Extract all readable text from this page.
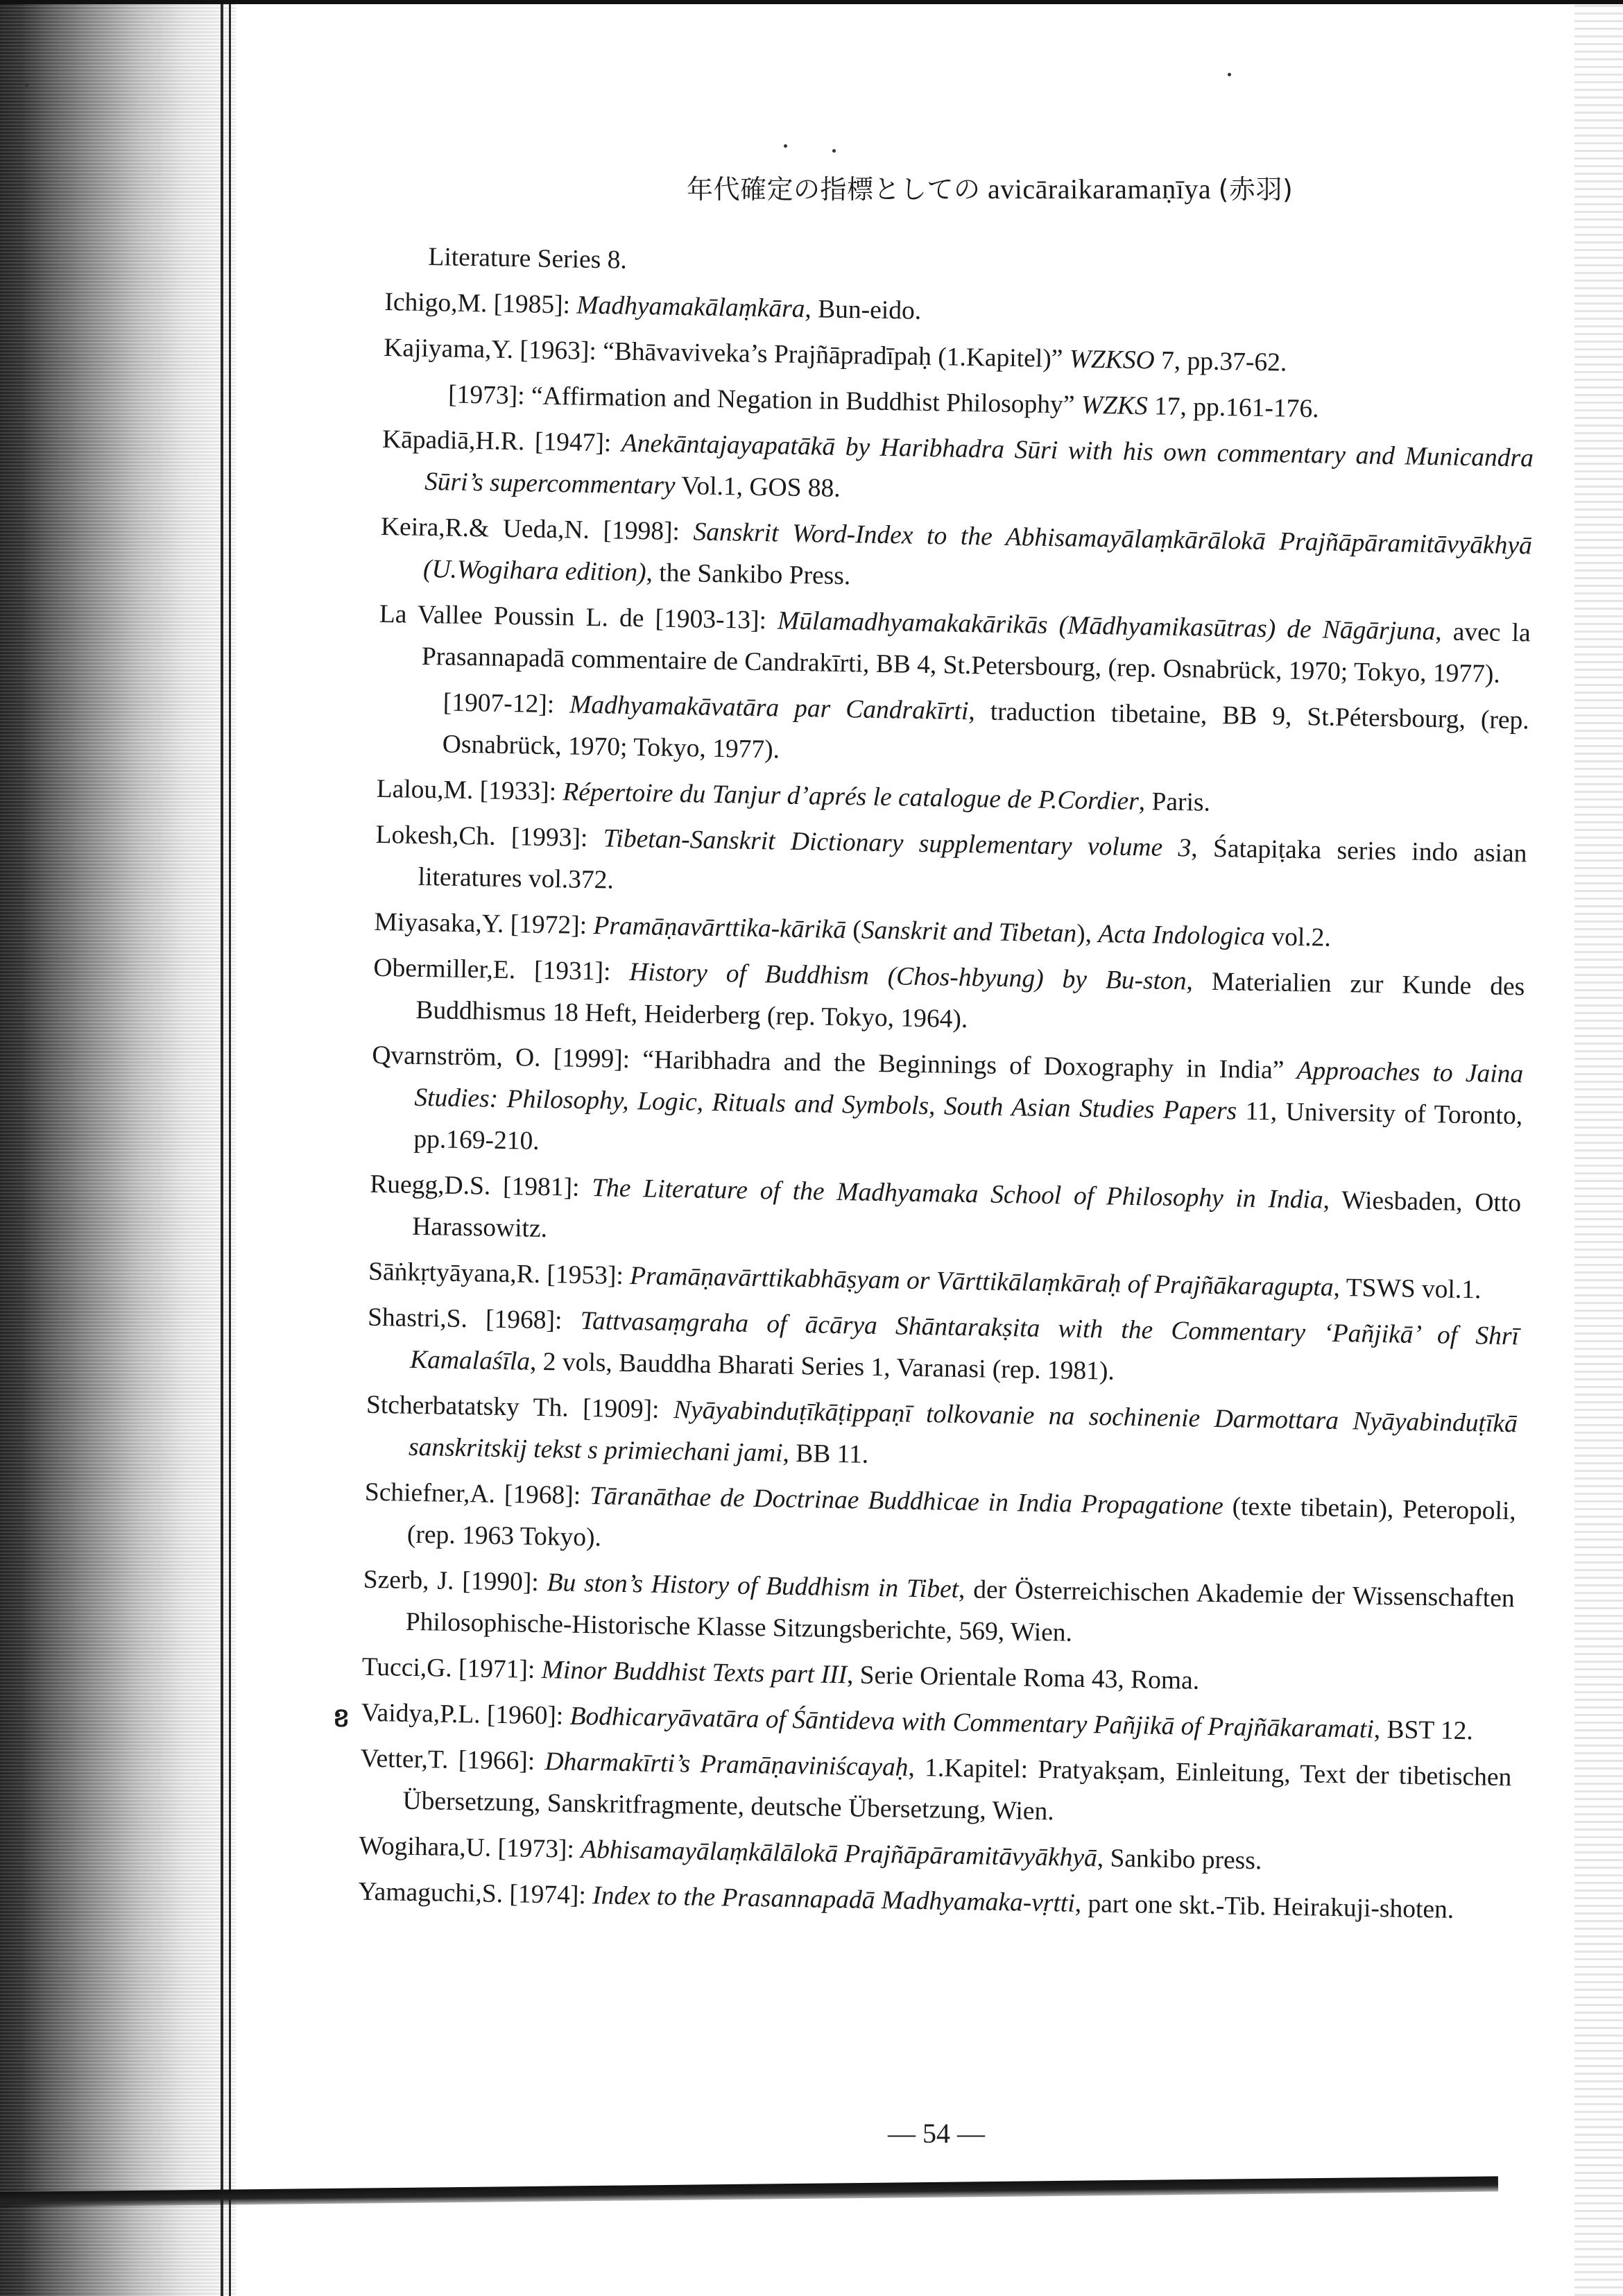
年代確定の指標としての avicāraikaramaṇīya (赤羽)

Literature Series 8.

Ichigo,M. [1985]: Madhyamakālaṃkāra, Bun-eido.

Kajiyama,Y. [1963]: “Bhāvaviveka’s Prajñāpradīpaḥ (1.Kapitel)” WZKSO 7, pp.37-62.

[1973]: “Affirmation and Negation in Buddhist Philosophy” WZKS 17, pp.161-176.

Kāpadiā,H.R. [1947]: Anekāntajayapatākā by Haribhadra Sūri with his own commentary and Municandra Sūri’s supercommentary Vol.1, GOS 88.

Keira,R.& Ueda,N. [1998]: Sanskrit Word-Index to the Abhisamayālaṃkārālokā Prajñāpāramitāvyākhyā (U.Wogihara edition), the Sankibo Press.

La Vallee Poussin L. de [1903-13]: Mūlamadhyamakakārikās (Mādhyamikasūtras) de Nāgārjuna, avec la Prasannapadā commentaire de Candrakīrti, BB 4, St.Petersbourg, (rep. Osnabrück, 1970; Tokyo, 1977).

[1907-12]: Madhyamakāvatāra par Candrakīrti, traduction tibetaine, BB 9, St.Pétersbourg, (rep. Osnabrück, 1970; Tokyo, 1977).

Lalou,M. [1933]: Répertoire du Tanjur d’aprés le catalogue de P.Cordier, Paris.

Lokesh,Ch. [1993]: Tibetan-Sanskrit Dictionary supplementary volume 3, Śatapiṭaka series indo asian literatures vol.372.

Miyasaka,Y. [1972]: Pramāṇavārttika-kārikā (Sanskrit and Tibetan), Acta Indologica vol.2.

Obermiller,E. [1931]: History of Buddhism (Chos-hbyung) by Bu-ston, Materialien zur Kunde des Buddhismus 18 Heft, Heiderberg (rep. Tokyo, 1964).

Qvarnström, O. [1999]: “Haribhadra and the Beginnings of Doxography in India” Approaches to Jaina Studies: Philosophy, Logic, Rituals and Symbols, South Asian Studies Papers 11, University of Toronto, pp.169-210.

Ruegg,D.S. [1981]: The Literature of the Madhyamaka School of Philosophy in India, Wiesbaden, Otto Harassowitz.

Sāṅkṛtyāyana,R. [1953]: Pramāṇavārttikabhāṣyam or Vārttikālaṃkāraḥ of Prajñākaragupta, TSWS vol.1.

Shastri,S. [1968]: Tattvasaṃgraha of ācārya Shāntarakṣita with the Commentary ‘Pañjikā’ of Shrī Kamalaśīla, 2 vols, Bauddha Bharati Series 1, Varanasi (rep. 1981).

Stcherbatatsky Th. [1909]: Nyāyabinduṭīkāṭippaṇī tolkovanie na sochinenie Darmottara Nyāyabinduṭīkā sanskritskij tekst s primiechani jami, BB 11.

Schiefner,A. [1968]: Tāranāthae de Doctrinae Buddhicae in India Propagatione (texte tibetain), Peteropoli, (rep. 1963 Tokyo).

Szerb, J. [1990]: Bu ston’s History of Buddhism in Tibet, der Österreichischen Akademie der Wissenschaften Philosophische-Historische Klasse Sitzungsberichte, 569, Wien.

Tucci,G. [1971]: Minor Buddhist Texts part III, Serie Orientale Roma 43, Roma.

Vaidya,P.L. [1960]: Bodhicaryāvatāra of Śāntideva with Commentary Pañjikā of Prajñākaramati, BST 12.

Vetter,T. [1966]: Dharmakīrti’s Pramāṇaviniścayaḥ, 1.Kapitel: Pratyakṣam, Einleitung, Text der tibetischen Übersetzung, Sanskritfragmente, deutsche Übersetzung, Wien.

Wogihara,U. [1973]: Abhisamayālaṃkālālokā Prajñāpāramitāvyākhyā, Sankibo press.

Yamaguchi,S. [1974]: Index to the Prasannapadā Madhyamaka-vṛtti, part one skt.-Tib. Heirakuji-shoten.

ខ
— 54 —
